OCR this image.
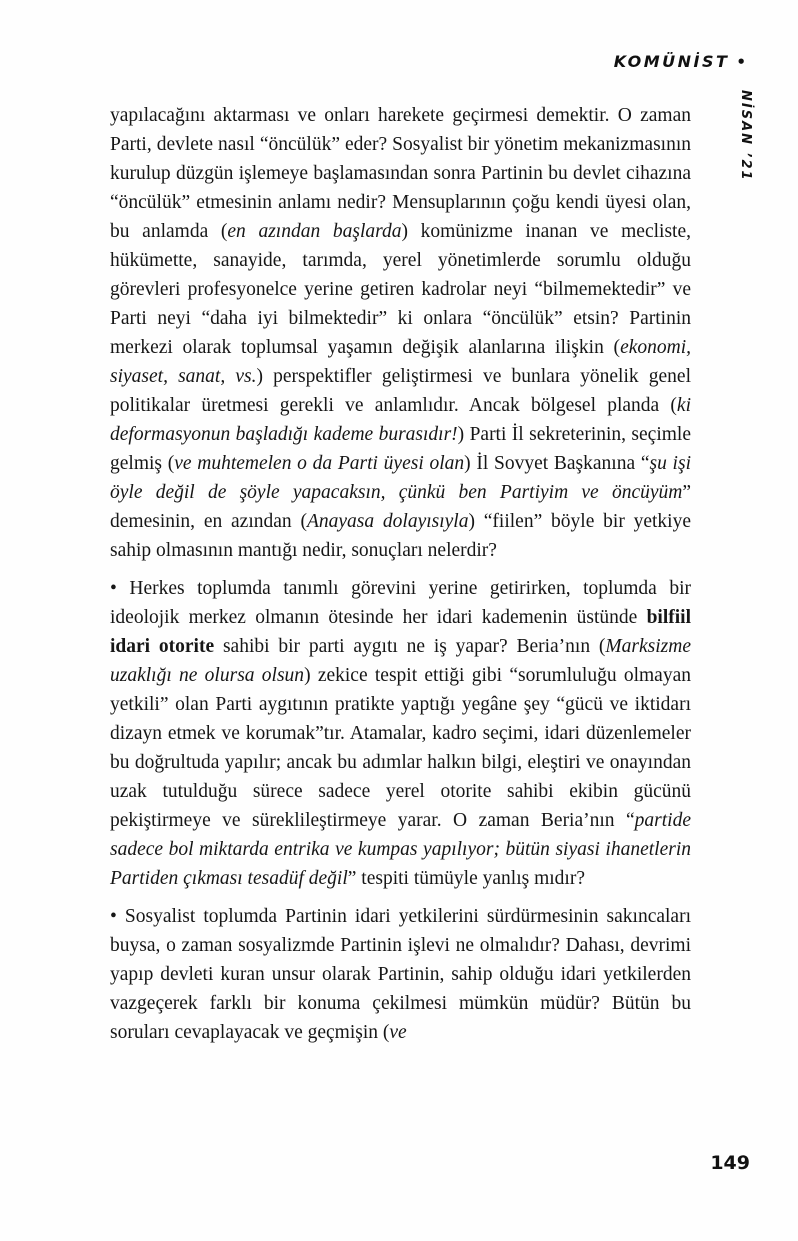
KOMÜNİST •
NİSAN ’21

yapılacağını aktarması ve onları harekete geçirmesi demektir. O zaman Parti, devlete nasıl “öncülük” eder? Sosyalist bir yönetim mekanizmasının kurulup düzgün işlemeye başlamasından sonra Partinin bu devlet cihazına “öncülük” etmesinin anlamı nedir? Mensuplarının çoğu kendi üyesi olan, bu anlamda (en azından başlarda) komünizme inanan ve mecliste, hükümette, sanayide, tarımda, yerel yönetimlerde sorumlu olduğu görevleri profesyonelce yerine getiren kadrolar neyi “bilmemektedir” ve Parti neyi “daha iyi bilmektedir” ki onlara “öncülük” etsin? Partinin merkezi olarak toplumsal yaşamın değişik alanlarına ilişkin (ekonomi, siyaset, sanat, vs.) perspektifler geliştirmesi ve bunlara yönelik genel politikalar üretmesi gerekli ve anlamlıdır. Ancak bölgesel planda (ki deformasyonun başladığı kademe burasıdır!) Parti İl sekreterinin, seçimle gelmiş (ve muhtemelen o da Parti üyesi olan) İl Sovyet Başkanına “şu işi öyle değil de şöyle yapacaksın, çünkü ben Partiyim ve öncüyüm” demesinin, en azından (Anayasa dolayısıyla) “fiilen” böyle bir yetkiye sahip olmasının mantığı nedir, sonuçları nelerdir?

• Herkes toplumda tanımlı görevini yerine getirirken, toplumda bir ideolojik merkez olmanın ötesinde her idari kademenin üstünde bilfiil idari otorite sahibi bir parti aygıtı ne iş yapar? Beria’nın (Marksizme uzaklığı ne olursa olsun) zekice tespit ettiği gibi “sorumluluğu olmayan yetkili” olan Parti aygıtının pratikte yaptığı yegâne şey “gücü ve iktidarı dizayn etmek ve korumak”tır. Atamalar, kadro seçimi, idari düzenlemeler bu doğrultuda yapılır; ancak bu adımlar halkın bilgi, eleştiri ve onayından uzak tutulduğu sürece sadece yerel otorite sahibi ekibin gücünü pekiştirmeye ve süreklileştirmeye yarar. O zaman Beria’nın “partide sadece bol miktarda entrika ve kumpas yapılıyor; bütün siyasi ihanetlerin Partiden çıkması tesadüf değil” tespiti tümüyle yanlış mıdır?

• Sosyalist toplumda Partinin idari yetkilerini sürdürmesinin sakıncaları buysa, o zaman sosyalizmde Partinin işlevi ne olmalıdır? Dahası, devrimi yapıp devleti kuran unsur olarak Partinin, sahip olduğu idari yetkilerden vazgeçerek farklı bir konuma çekilmesi mümkün müdür? Bütün bu soruları cevaplayacak ve geçmişin (ve

149
